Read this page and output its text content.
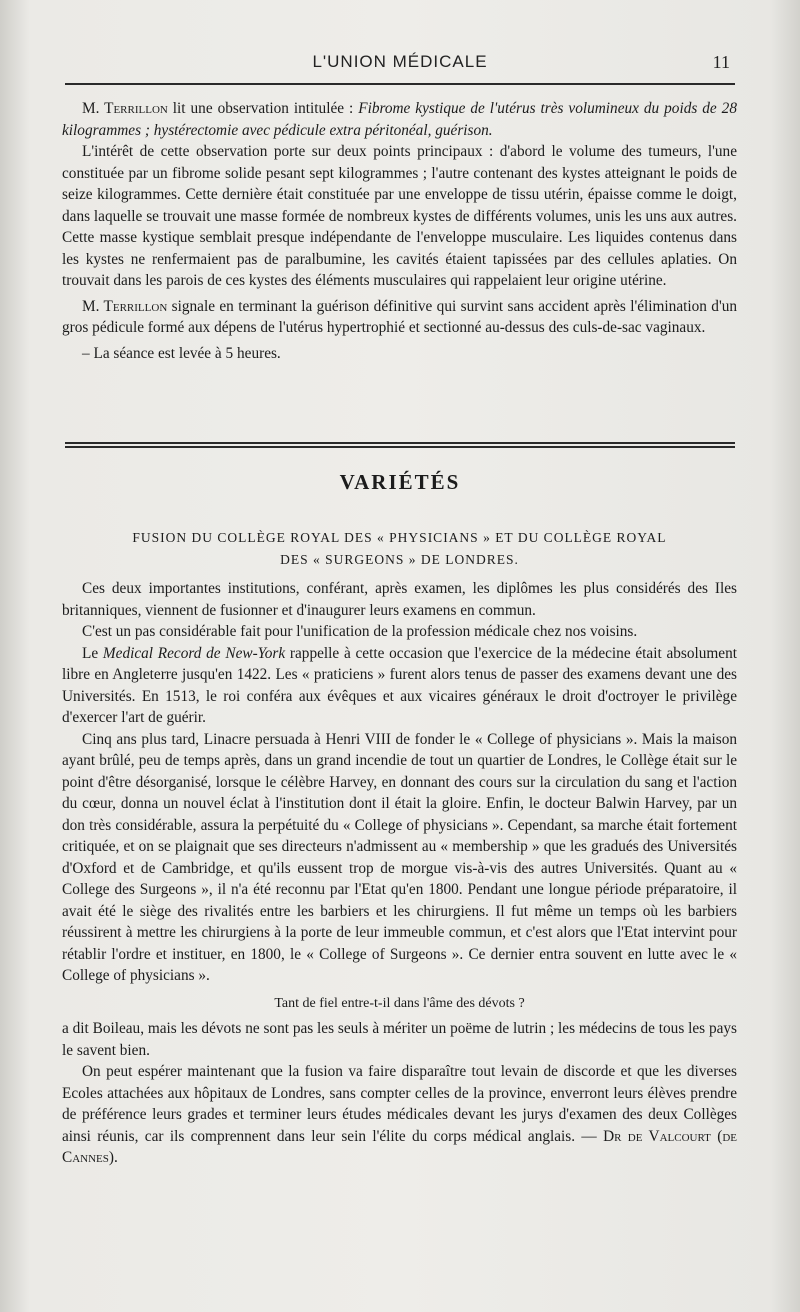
L'UNION MÉDICALE	11

M. Terrillon lit une observation intitulée : Fibrome kystique de l'utérus très volumineux du poids de 28 kilogrammes ; hystérectomie avec pédicule extra péritonéal, guérison.

L'intérêt de cette observation porte sur deux points principaux : d'abord le volume des tumeurs, l'une constituée par un fibrome solide pesant sept kilogrammes ; l'autre contenant des kystes atteignant le poids de seize kilogrammes. Cette dernière était constituée par une enveloppe de tissu utérin, épaisse comme le doigt, dans laquelle se trouvait une masse formée de nombreux kystes de différents volumes, unis les uns aux autres. Cette masse kystique semblait presque indépendante de l'enveloppe musculaire. Les liquides contenus dans les kystes ne renfermaient pas de paralbumine, les cavités étaient tapissées par des cellules aplaties. On trouvait dans les parois de ces kystes des éléments musculaires qui rappelaient leur origine utérine.

M. Terrillon signale en terminant la guérison définitive qui survint sans accident après l'élimination d'un gros pédicule formé aux dépens de l'utérus hypertrophié et sectionné au-dessus des culs-de-sac vaginaux.

– La séance est levée à 5 heures.

VARIÉTÉS
FUSION DU COLLÈGE ROYAL DES « PHYSICIANS » ET DU COLLÈGE ROYAL
DES « SURGEONS » DE LONDRES.

Ces deux importantes institutions, conférant, après examen, les diplômes les plus considérés des Iles britanniques, viennent de fusionner et d'inaugurer leurs examens en commun.

C'est un pas considérable fait pour l'unification de la profession médicale chez nos voisins.

Le Medical Record de New-York rappelle à cette occasion que l'exercice de la médecine était absolument libre en Angleterre jusqu'en 1422. Les « praticiens » furent alors tenus de passer des examens devant une des Universités. En 1513, le roi conféra aux évêques et aux vicaires généraux le droit d'octroyer le privilège d'exercer l'art de guérir.

Cinq ans plus tard, Linacre persuada à Henri VIII de fonder le « College of physicians ». Mais la maison ayant brûlé, peu de temps après, dans un grand incendie de tout un quartier de Londres, le Collège était sur le point d'être désorganisé, lorsque le célèbre Harvey, en donnant des cours sur la circulation du sang et l'action du cœur, donna un nouvel éclat à l'institution dont il était la gloire. Enfin, le docteur Balwin Harvey, par un don très considérable, assura la perpétuité du « College of physicians ». Cependant, sa marche était fortement critiquée, et on se plaignait que ses directeurs n'admissent au « membership » que les gradués des Universités d'Oxford et de Cambridge, et qu'ils eussent trop de morgue vis-à-vis des autres Universités. Quant au « College des Surgeons », il n'a été reconnu par l'Etat qu'en 1800. Pendant une longue période préparatoire, il avait été le siège des rivalités entre les barbiers et les chirurgiens. Il fut même un temps où les barbiers réussirent à mettre les chirurgiens à la porte de leur immeuble commun, et c'est alors que l'Etat intervint pour rétablir l'ordre et instituer, en 1800, le « College of Surgeons ». Ce dernier entra souvent en lutte avec le « College of physicians ».

Tant de fiel entre-t-il dans l'âme des dévots ?

a dit Boileau, mais les dévots ne sont pas les seuls à mériter un poëme de lutrin ; les médecins de tous les pays le savent bien.

On peut espérer maintenant que la fusion va faire disparaître tout levain de discorde et que les diverses Ecoles attachées aux hôpitaux de Londres, sans compter celles de la province, enverront leurs élèves prendre de préférence leurs grades et terminer leurs études médicales devant les jurys d'examen des deux Collèges ainsi réunis, car ils comprennent dans leur sein l'élite du corps médical anglais. — Dr de Valcourt (de Cannes).
